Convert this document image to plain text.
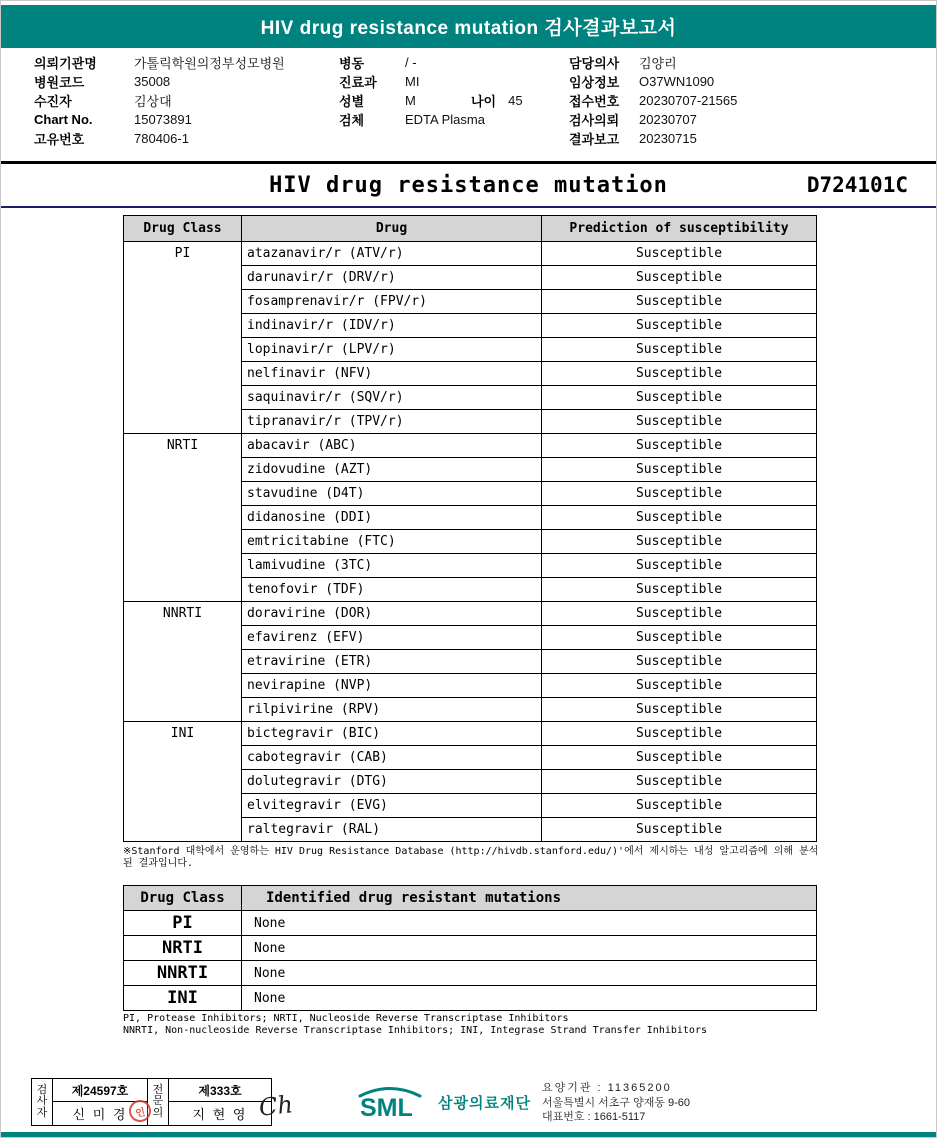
HIV drug resistance mutation 검사결과보고서
의뢰기관명	가톨릭학원의정부성모병원
병원코드	35008
수진자	김상대
Chart No.	15073891
고유번호	780406-1
병동	/ -
진료과	MI
성별	M	나이 45
검체	EDTA Plasma
담당의사	김양리
임상정보	O37WN1090
접수번호	20230707-21565
검사의뢰	20230707
결과보고	20230715
HIV drug resistance mutation	D724101C
Drug Class	Drug	Prediction of susceptibility
PI	atazanavir/r (ATV/r)	Susceptible
	darunavir/r (DRV/r)	Susceptible
	fosamprenavir/r (FPV/r)	Susceptible
	indinavir/r (IDV/r)	Susceptible
	lopinavir/r (LPV/r)	Susceptible
	nelfinavir (NFV)	Susceptible
	saquinavir/r (SQV/r)	Susceptible
	tipranavir/r (TPV/r)	Susceptible
NRTI	abacavir (ABC)	Susceptible
	zidovudine (AZT)	Susceptible
	stavudine (D4T)	Susceptible
	didanosine (DDI)	Susceptible
	emtricitabine (FTC)	Susceptible
	lamivudine (3TC)	Susceptible
	tenofovir (TDF)	Susceptible
NNRTI	doravirine (DOR)	Susceptible
	efavirenz (EFV)	Susceptible
	etravirine (ETR)	Susceptible
	nevirapine (NVP)	Susceptible
	rilpivirine (RPV)	Susceptible
INI	bictegravir (BIC)	Susceptible
	cabotegravir (CAB)	Susceptible
	dolutegravir (DTG)	Susceptible
	elvitegravir (EVG)	Susceptible
	raltegravir (RAL)	Susceptible
※Stanford 대학에서 운영하는 HIV Drug Resistance Database (http://hivdb.stanford.edu/)'에서 제시하는 내성 알고리즘에 의해 분석된 결과입니다.
Drug Class	Identified drug resistant mutations
PI	None
NRTI	None
NNRTI	None
INI	None
PI, Protease Inhibitors; NRTI, Nucleoside Reverse Transcriptase Inhibitors
NNRTI, Non-nucleoside Reverse Transcriptase Inhibitors; INI, Integrase Strand Transfer Inhibitors
검사자
제24597호
신 미 경 인
전문의
제333호
지 현 영 Ch	SML 삼광의료재단
요양기관 : 11365200
서울특별시 서초구 양재동 9-60
대표번호 : 1661-5117
